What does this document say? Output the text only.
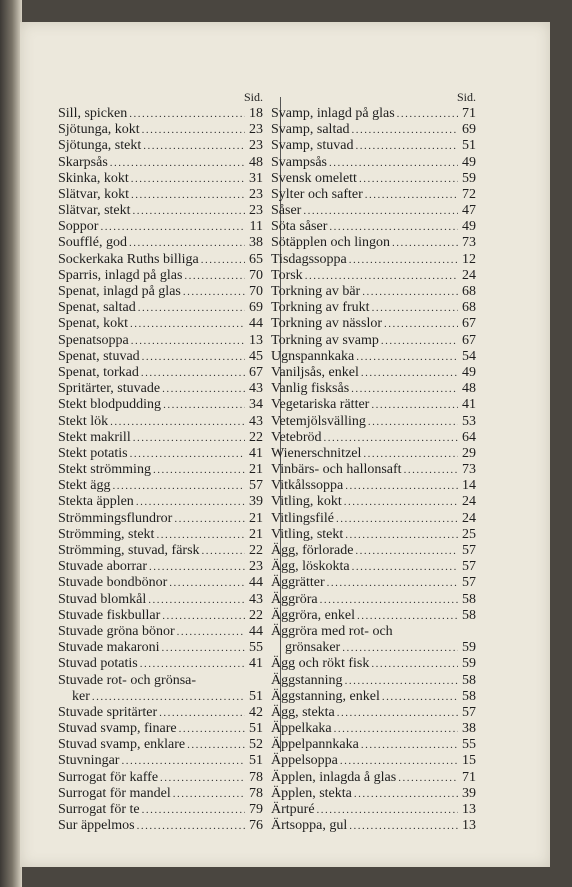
Sid.
Sill, spicken .....	18
Sjötunga, kokt .....	23
Sjötunga, stekt .....	23
Skarpsås .....	48
Skinka, kokt .....	31
Slätvar, kokt .....	23
Slätvar, stekt .....	23
Soppor .....	11
Soufflé, god .....	38
Sockerkaka Ruths billiga .....	65
Sparris, inlagd på glas .....	70
Spenat, inlagd på glas .....	70
Spenat, saltad .....	69
Spenat, kokt .....	44
Spenatsoppa .....	13
Spenat, stuvad .....	45
Spenat, torkad .....	67
Spritärter, stuvade .....	43
Stekt blodpudding .....	34
Stekt lök .....	43
Stekt makrill .....	22
Stekt potatis .....	41
Stekt strömming .....	21
Stekt ägg .....	57
Stekta äpplen .....	39
Strömmingsflundror .....	21
Strömming, stekt .....	21
Strömming, stuvad, färsk .....	22
Stuvade aborrar .....	23
Stuvade bondbönor .....	44
Stuvad blomkål .....	43
Stuvade fiskbullar .....	22
Stuvade gröna bönor .....	44
Stuvade makaroni .....	55
Stuvad potatis .....	41
Stuvade rot- och grönsa-
ker .....	51
Stuvade spritärter .....	42
Stuvad svamp, finare .....	51
Stuvad svamp, enklare .....	52
Stuvningar .....	51
Surrogat för kaffe .....	78
Surrogat för mandel .....	78
Surrogat för te .....	79
Sur äppelmos .....	76
Sid.
Svamp, inlagd på glas .....	71
Svamp, saltad .....	69
Svamp, stuvad .....	51
Svampsås .....	49
Svensk omelett .....	59
Sylter och safter .....	72
Såser .....	47
Söta såser .....	49
Sötäpplen och lingon .....	73
Tisdagssoppa .....	12
Torsk .....	24
Torkning av bär .....	68
Torkning av frukt .....	68
Torkning av nässlor .....	67
Torkning av svamp .....	67
Ugnspannkaka .....	54
Vaniljsås, enkel .....	49
Vanlig fisksås .....	48
Vegetariska rätter .....	41
Vetemjölsvälling .....	53
Vetebröd .....	64
Wienerschnitzel .....	29
Vinbärs- och hallonsaft .....	73
Vitkålssoppa .....	14
Vitling, kokt .....	24
Vitlingsfilé .....	24
Vitling, stekt .....	25
Ägg, förlorade .....	57
Ägg, löskokta .....	57
Äggrätter .....	57
Äggröra .....	58
Äggröra, enkel .....	58
Äggröra med rot- och
grönsaker .....	59
Ägg och rökt fisk .....	59
Äggstanning .....	58
Äggstanning, enkel .....	58
Ägg, stekta .....	57
Äppelkaka .....	38
Äppelpannkaka .....	55
Äppelsoppa .....	15
Äpplen, inlagda å glas .....	71
Äpplen, stekta .....	39
Ärtpuré .....	13
Ärtsoppa, gul .....	13
